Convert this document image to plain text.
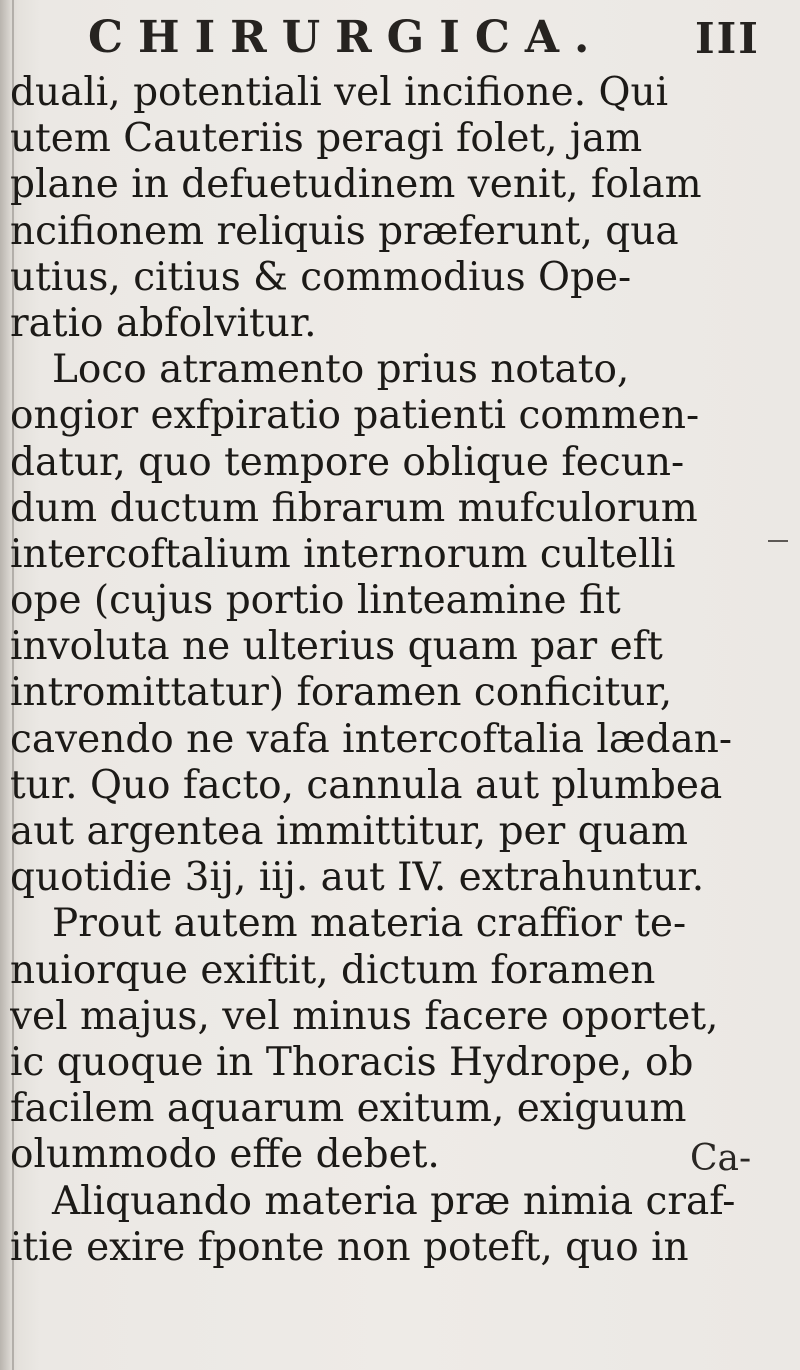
CHIRURGICA. III
duali, potentiali vel incifione. Qui
utem Cauteriis peragi folet, jam
plane in defuetudinem venit, folam
ncifionem reliquis præferunt, qua
utius, citius & commodius Ope-
ratio abfolvitur.
Loco atramento prius notato,
ongior exfpiratio patienti commen-
datur, quo tempore oblique fecun-
dum ductum fibrarum mufculorum
intercoftalium internorum cultelli
ope (cujus portio linteamine fit
involuta ne ulterius quam par eft
intromittatur) foramen conficitur,
cavendo ne vafa intercoftalia lædan-
tur. Quo facto, cannula aut plumbea
aut argentea immittitur, per quam
quotidie 3ij, iij. aut IV. extrahuntur.
Prout autem materia craffior te-
nuiorque exiftit, dictum foramen
vel majus, vel minus facere oportet,
ic quoque in Thoracis Hydrope, ob
facilem aquarum exitum, exiguum
olummodo effe debet.
Aliquando materia præ nimia craf-
itie exire fponte non poteft, quo in
Ca-
